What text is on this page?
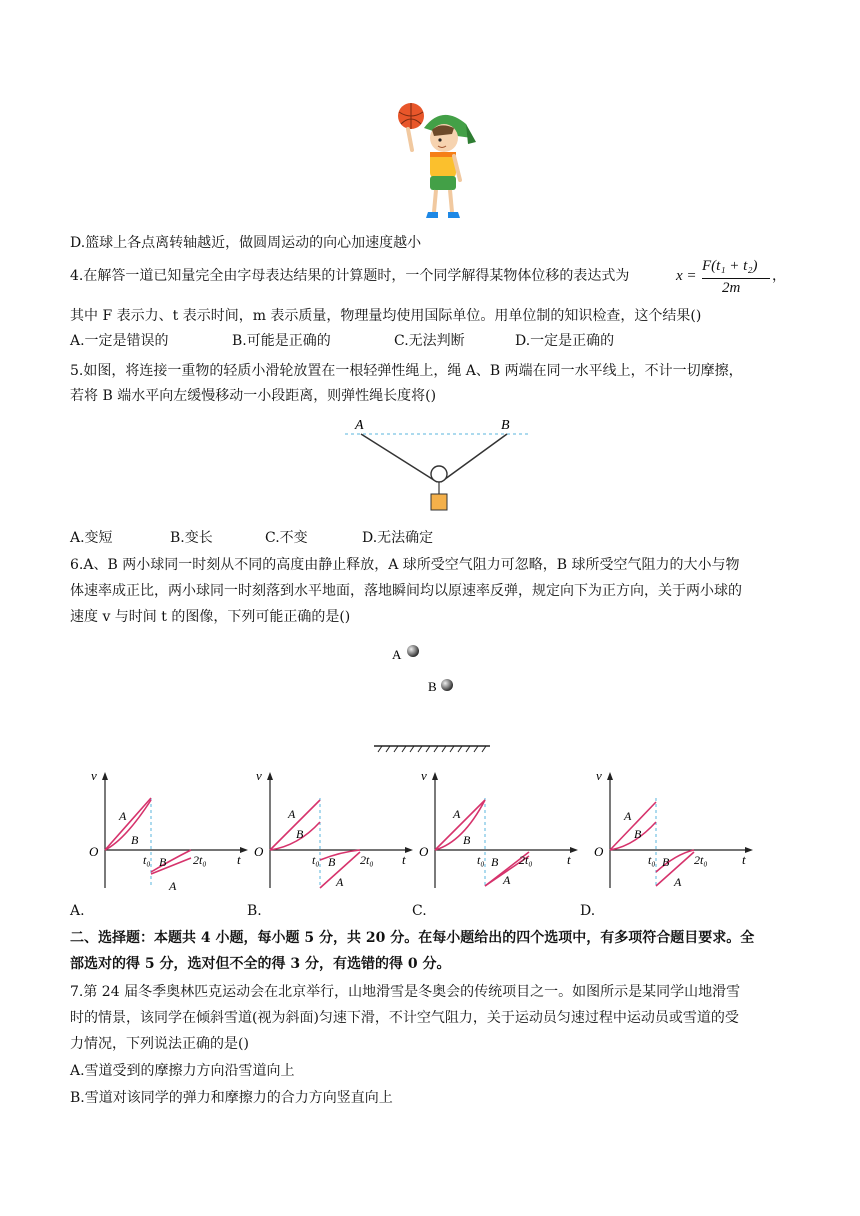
D.篮球上各点离转轴越近，做圆周运动的向心加速度越小
4.在解答一道已知量完全由字母表达结果的计算题时，一个同学解得某物体位移的表达式为	x =
F(t₁ + t₂)
2m
，
其中 F 表示力、t 表示时间，m 表示质量，物理量均使用国际单位。用单位制的知识检查，这个结果()
A.一定是错误的	B.可能是正确的	C.无法判断	D.一定是正确的
5.如图，将连接一重物的轻质小滑轮放置在一根轻弹性绳上，绳 A、B 两端在同一水平线上，不计一切摩擦，
若将 B 端水平向左缓慢移动一小段距离，则弹性绳长度将()
A	B
A.变短	B.变长	C.不变	D.无法确定
6.A、B 两小球同一时刻从不同的高度由静止释放，A 球所受空气阻力可忽略，B 球所受空气阻力的大小与物
体速率成正比，两小球同一时刻落到水平地面，落地瞬间均以原速率反弹，规定向下为正方向，关于两小球的
速度 v 与时间 t 的图像，下列可能正确的是()
A
B
v
t
O
A
B
t₀ B 2t₀
A
v
t
O
A
B
t₀ B 2t₀
A
v
t
O
A
B
t₀ B 2t₀
A
v
t
O
A
B
t₀ B 2t₀
A
A.	B.	C.	D.
二、选择题：本题共 4 小题，每小题 5 分，共 20 分。在每小题给出的四个选项中，有多项符合题目要求。全
部选对的得 5 分，选对但不全的得 3 分，有选错的得 0 分。
7.第 24 届冬季奥林匹克运动会在北京举行，山地滑雪是冬奥会的传统项目之一。如图所示是某同学山地滑雪
时的情景，该同学在倾斜雪道(视为斜面)匀速下滑，不计空气阻力，关于运动员匀速过程中运动员或雪道的受
力情况，下列说法正确的是()
A.雪道受到的摩擦力方向沿雪道向上
B.雪道对该同学的弹力和摩擦力的合力方向竖直向上
